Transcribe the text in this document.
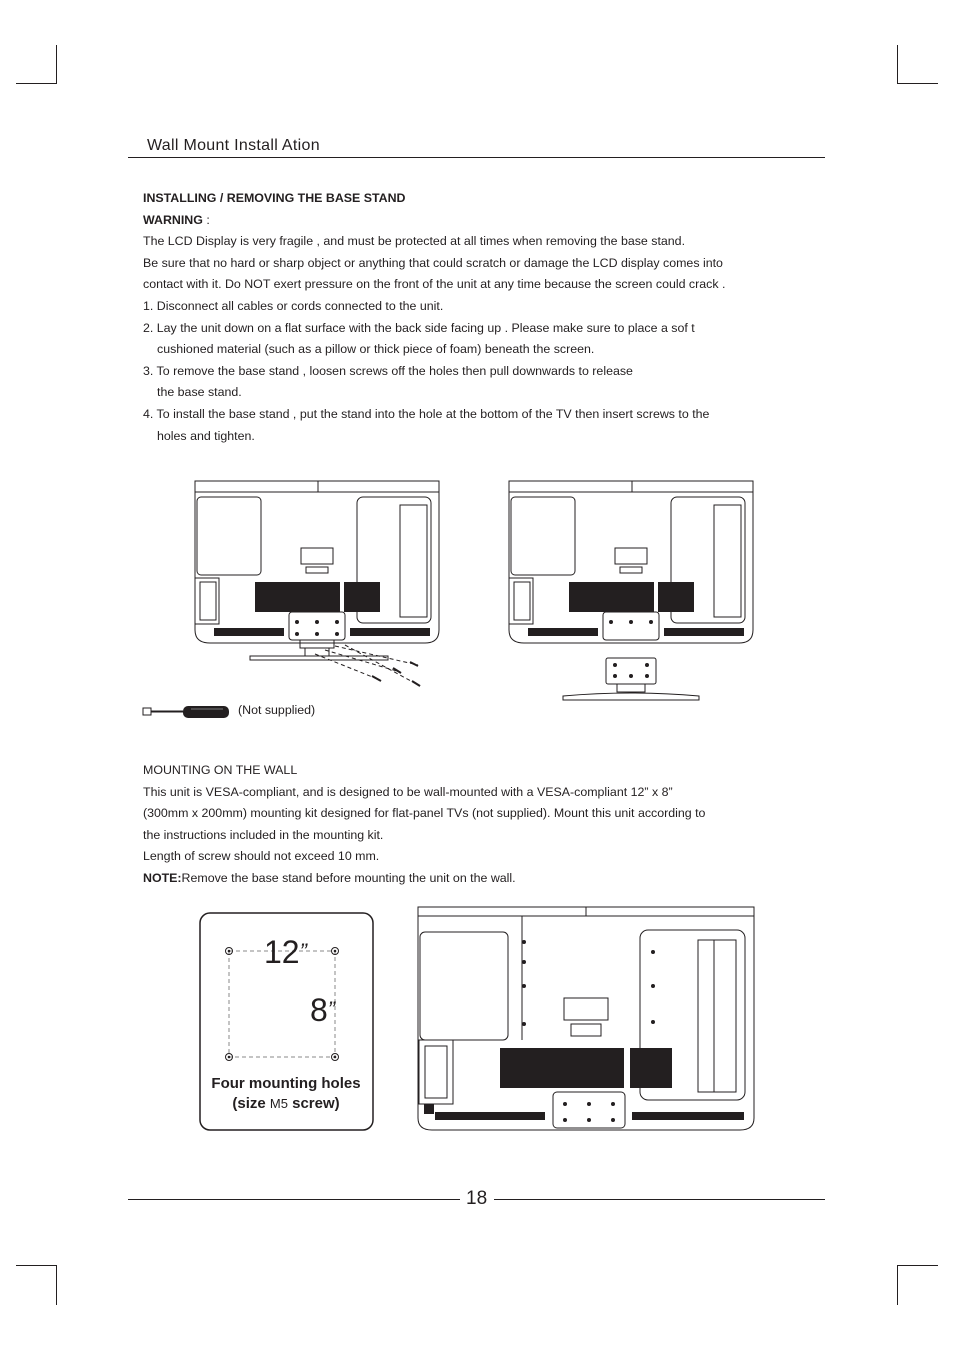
Wall Mount Install Ation
INSTALLING / REMOVING THE BASE STAND
WARNING :
The LCD Display is very fragile , and must be protected at all times when removing the base stand.
Be sure that no hard or sharp object or anything that could scratch or damage the LCD display comes into
contact with it. Do NOT exert pressure on the front of the unit at any time because the screen could crack .
1. Disconnect all cables or cords connected to the unit.
2. Lay the unit down on a flat surface with the back side facing up . Please make sure to place a sof t
cushioned material (such as a pillow or thick piece of foam) beneath the screen.
3. To remove the base stand , loosen screws off the holes then pull downwards to release
the base stand.
4. To install the base stand , put the stand into the hole at the bottom of the TV then insert screws to the
holes and tighten.
(Not supplied)
MOUNTING ON THE WALL
This unit is VESA-compliant, and is designed to be wall-mounted with a VESA-compliant 12” x 8”
(300mm x 200mm) mounting kit designed for flat-panel TVs (not supplied). Mount this unit according to
the instructions included in the mounting kit.
Length of screw should not exceed 10 mm.
NOTE:Remove the base stand before mounting the unit on the wall.
12”
8”
Four mounting holes
(size M5 screw)
18
